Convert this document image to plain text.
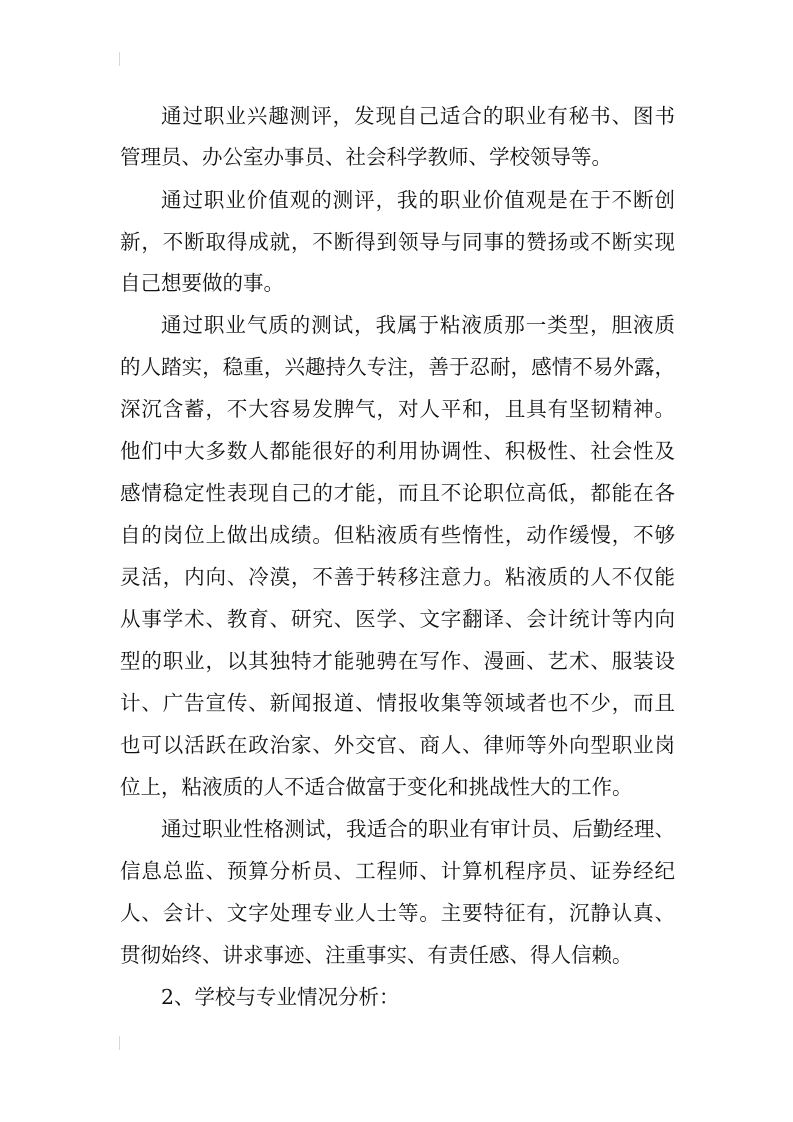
通过职业兴趣测评，发现自己适合的职业有秘书、图书
管理员、办公室办事员、社会科学教师、学校领导等。
通过职业价值观的测评，我的职业价值观是在于不断创
新，不断取得成就，不断得到领导与同事的赞扬或不断实现
自己想要做的事。
通过职业气质的测试，我属于粘液质那一类型，胆液质
的人踏实，稳重，兴趣持久专注，善于忍耐，感情不易外露，
深沉含蓄，不大容易发脾气，对人平和，且具有坚韧精神。
他们中大多数人都能很好的利用协调性、积极性、社会性及
感情稳定性表现自己的才能，而且不论职位高低，都能在各
自的岗位上做出成绩。但粘液质有些惰性，动作缓慢，不够
灵活，内向、冷漠，不善于转移注意力。粘液质的人不仅能
从事学术、教育、研究、医学、文字翻译、会计统计等内向
型的职业，以其独特才能驰骋在写作、漫画、艺术、服装设
计、广告宣传、新闻报道、情报收集等领域者也不少，而且
也可以活跃在政治家、外交官、商人、律师等外向型职业岗
位上，粘液质的人不适合做富于变化和挑战性大的工作。
通过职业性格测试，我适合的职业有审计员、后勤经理、
信息总监、预算分析员、工程师、计算机程序员、证券经纪
人、会计、文字处理专业人士等。主要特征有，沉静认真、
贯彻始终、讲求事迹、注重事实、有责任感、得人信赖。
2、学校与专业情况分析：
